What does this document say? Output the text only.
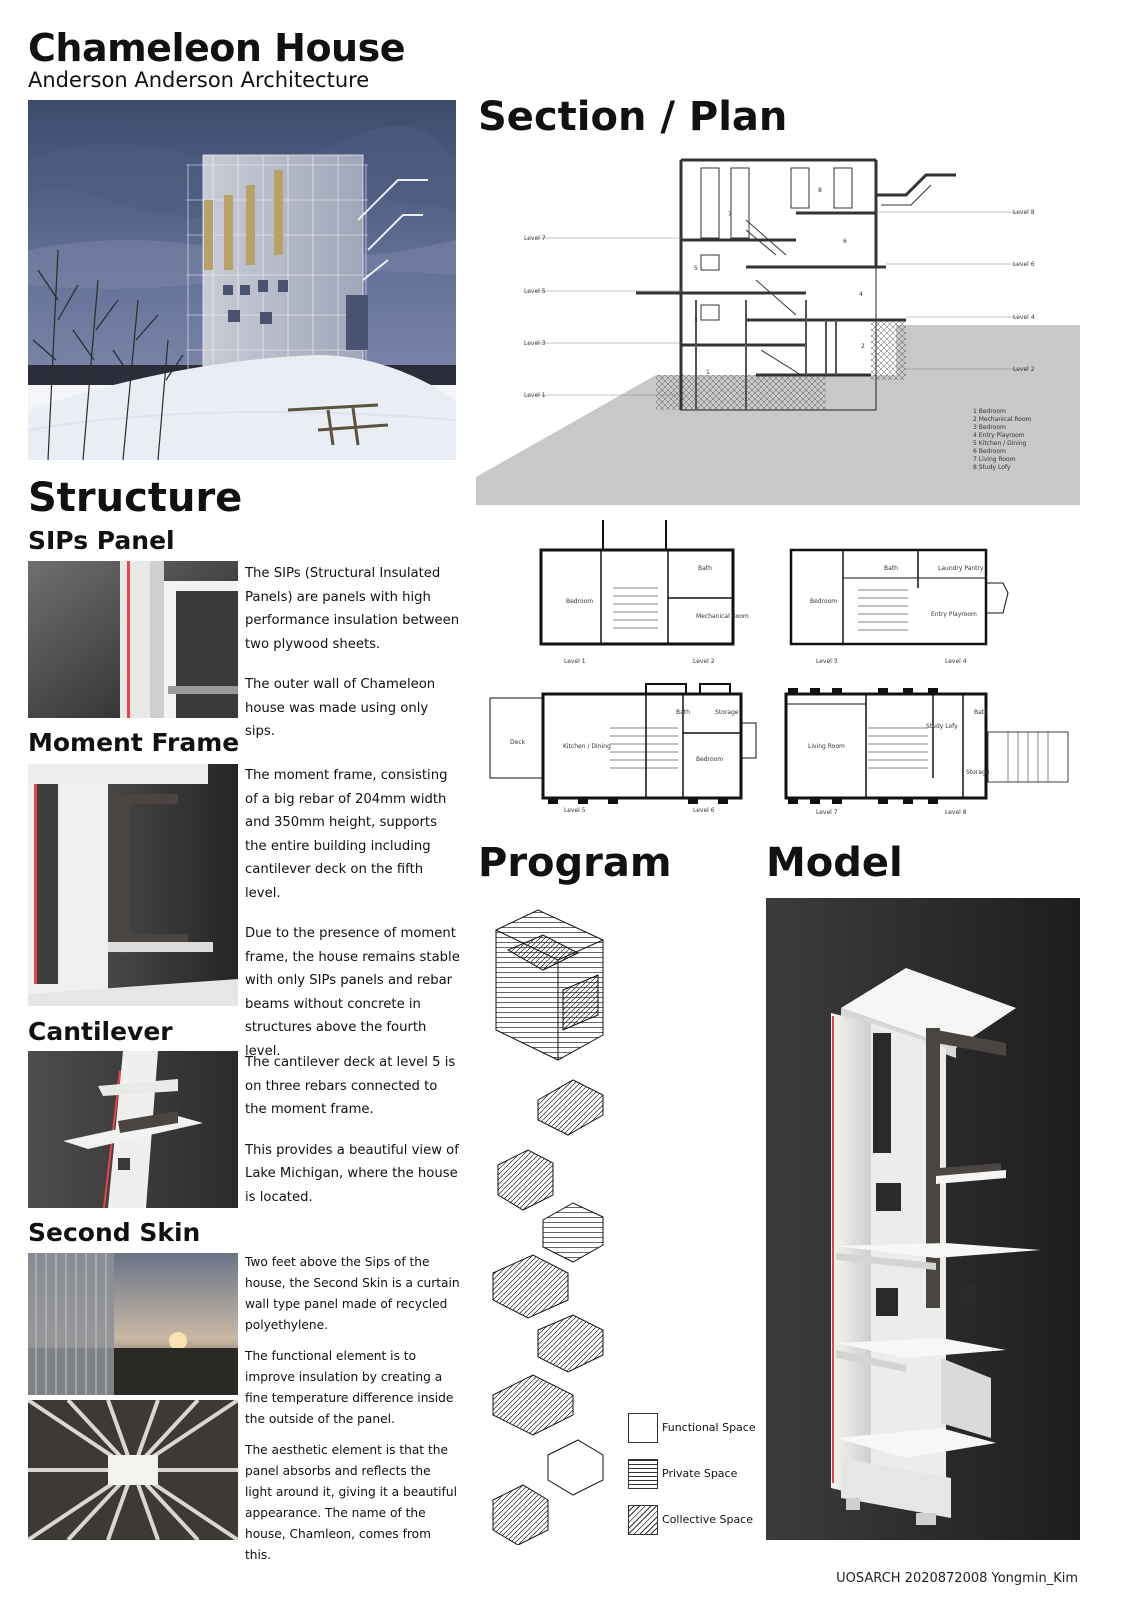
Chameleon House
Anderson Anderson Architecture
Section / Plan
Level 7
Level 5
Level 3
Level 1
Level 8
Level 6
Level 4
Level 2
1
2
3
4
5
6
7
8
1 Bedroom
2 Mechanical Room
3 Bedroom
4 Entry Playroom
5 Kitchen / Dining
6 Bedroom
7 Living Room
8 Study Lofy
Bedroom
Bath
Mechanical Room
Bedroom
Bath	Laundry Pantry
Entry Playroom
Deck
Kitchen / Dining
Bath	Storage
Bedroom
Living Room
Study Lofy
Bath
Storage
Level 1	Level 2	Level 3	Level 4
Level 5	Level 6	Level 7	Level 8
Structure
SIPs Panel

The SIPs (Structural Insulated Panels) are panels with high performance insulation between two plywood sheets.

The outer wall of Chameleon house was made using only sips.

Moment Frame

The moment frame, consisting of a big rebar of 204mm width and 350mm height, supports the entire building including cantilever deck on the fifth level.

Due to the presence of moment frame, the house remains stable with only SIPs panels and rebar beams without concrete in structures above the fourth level.

Cantilever

The cantilever deck at level 5 is on three rebars connected to the moment frame.

This provides a beautiful view of Lake Michigan, where the house is located.

Second Skin

Two feet above the Sips of the house, the Second Skin is a curtain wall type panel made of recycled polyethylene.

The functional element is to improve insulation by creating a fine temperature difference inside the outside of the panel.

The aesthetic element is that the panel absorbs and reflects the light around it, giving it a beautiful appearance. The name of the house, Chamleon, comes from this.

Program
Functional Space
Private Space
Collective Space
Model
UOSARCH 2020872008 Yongmin_Kim
